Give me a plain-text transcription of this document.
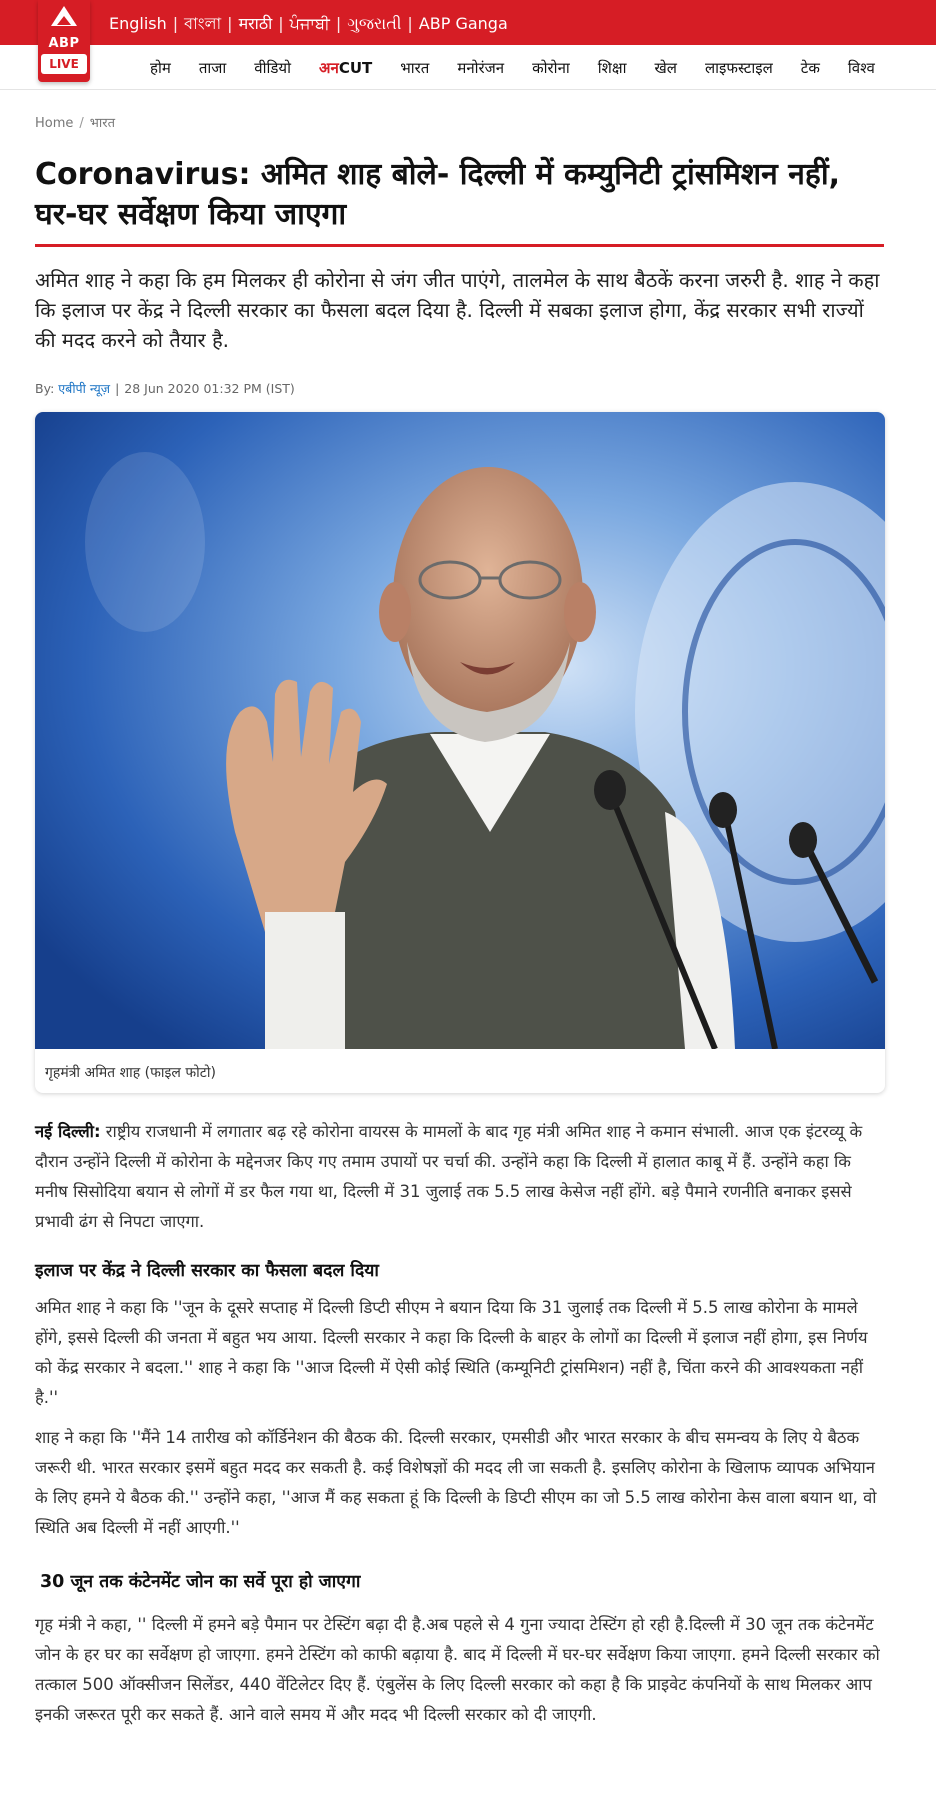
English | বাংলা | मराठी | ਪੰਜਾਬੀ | ગુજરાતી | ABP Ganga
ABP
LIVE	होम ताजा वीडियो अनCUT भारत मनोरंजन कोरोना शिक्षा खेल लाइफस्टाइल टेक विश्व
Home / भारत
Coronavirus: अमित शाह बोले- दिल्ली में कम्युनिटी ट्रांसमिशन नहीं, घर-घर सर्वेक्षण किया जाएगा

अमित शाह ने कहा कि हम मिलकर ही कोरोना से जंग जीत पाएंगे, तालमेल के साथ बैठकें करना जरुरी है. शाह ने कहा कि इलाज पर केंद्र ने दिल्ली सरकार का फैसला बदल दिया है. दिल्ली में सबका इलाज होगा, केंद्र सरकार सभी राज्यों की मदद करने को तैयार है.

By: एबीपी न्यूज़ | 28 Jun 2020 01:32 PM (IST)
गृहमंत्री अमित शाह (फाइल फोटो)

नई दिल्ली: राष्ट्रीय राजधानी में लगातार बढ़ रहे कोरोना वायरस के मामलों के बाद गृह मंत्री अमित शाह ने कमान संभाली. आज एक इंटरव्यू के दौरान उन्होंने दिल्ली में कोरोना के मद्देनजर किए गए तमाम उपायों पर चर्चा की. उन्होंने कहा कि दिल्ली में हालात काबू में हैं. उन्होंने कहा कि मनीष सिसोदिया बयान से लोगों में डर फैल गया था, दिल्ली में 31 जुलाई तक 5.5 लाख केसेज नहीं होंगे. बड़े पैमाने रणनीति बनाकर इससे प्रभावी ढंग से निपटा जाएगा.

इलाज पर केंद्र ने दिल्ली सरकार का फैसला बदल दिया

अमित शाह ने कहा कि ''जून के दूसरे सप्ताह में दिल्ली डिप्टी सीएम ने बयान दिया कि 31 जुलाई तक दिल्ली में 5.5 लाख कोरोना के मामले होंगे, इससे दिल्ली की जनता में बहुत भय आया. दिल्ली सरकार ने कहा कि दिल्ली के बाहर के लोगों का दिल्ली में इलाज नहीं होगा, इस निर्णय को केंद्र सरकार ने बदला.'' शाह ने कहा कि ''आज दिल्ली में ऐसी कोई स्थिति (कम्यूनिटी ट्रांसमिशन) नहीं है, चिंता करने की आवश्यकता नहीं है.''

शाह ने कहा कि ''मैंने 14 तारीख को कॉर्डिनेशन की बैठक की. दिल्ली सरकार, एमसीडी और भारत सरकार के बीच समन्वय के लिए ये बैठक जरूरी थी. भारत सरकार इसमें बहुत मदद कर सकती है. कई विशेषज्ञों की मदद ली जा सकती है. इसलिए कोरोना के खिलाफ व्यापक अभियान के लिए हमने ये बैठक की.'' उन्होंने कहा, ''आज मैं कह सकता हूं कि दिल्ली के डिप्टी सीएम का जो 5.5 लाख कोरोना केस वाला बयान था, वो स्थिति अब दिल्ली में नहीं आएगी.''

30 जून तक कंटेनमेंट जोन का सर्वे पूरा हो जाएगा

गृह मंत्री ने कहा, '' दिल्ली में हमने बड़े पैमान पर टेस्टिंग बढ़ा दी है.अब पहले से 4 गुना ज्यादा टेस्टिंग हो रही है.दिल्ली में 30 जून तक कंटेनमेंट जोन के हर घर का सर्वेक्षण हो जाएगा. हमने टेस्टिंग को काफी बढ़ाया है. बाद में दिल्ली में घर-घर सर्वेक्षण किया जाएगा. हमने दिल्ली सरकार को तत्काल 500 ऑक्सीजन सिलेंडर, 440 वेंटिलेटर दिए हैं. एंबुलेंस के लिए दिल्ली सरकार को कहा है कि प्राइवेट कंपनियों के साथ मिलकर आप इनकी जरूरत पूरी कर सकते हैं. आने वाले समय में और मदद भी दिल्ली सरकार को दी जाएगी.
